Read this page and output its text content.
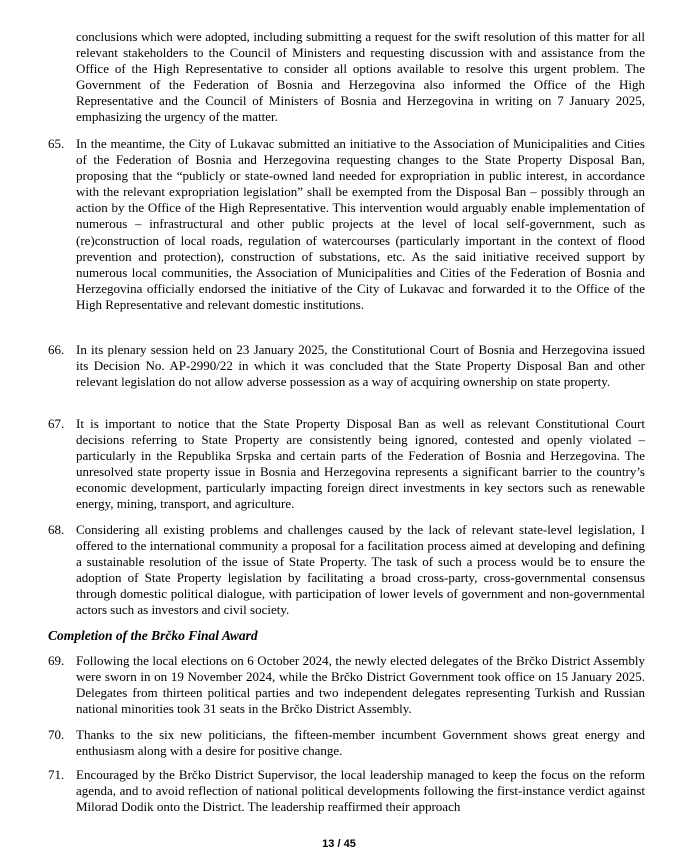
conclusions which were adopted, including submitting a request for the swift resolution of this matter for all relevant stakeholders to the Council of Ministers and requesting discussion with and assistance from the Office of the High Representative to consider all options available to resolve this urgent problem. The Government of the Federation of Bosnia and Herzegovina also informed the Office of the High Representative and the Council of Ministers of Bosnia and Herzegovina in writing on 7 January 2025, emphasizing the urgency of the matter.

65. In the meantime, the City of Lukavac submitted an initiative to the Association of Municipalities and Cities of the Federation of Bosnia and Herzegovina requesting changes to the State Property Disposal Ban, proposing that the “publicly or state-owned land needed for expropriation in public interest, in accordance with the relevant expropriation legislation” shall be exempted from the Disposal Ban – possibly through an action by the Office of the High Representative. This intervention would arguably enable implementation of numerous – infrastructural and other public projects at the level of local self-government, such as (re)construction of local roads, regulation of watercourses (particularly important in the context of flood prevention and protection), construction of substations, etc. As the said initiative received support by numerous local communities, the Association of Municipalities and Cities of the Federation of Bosnia and Herzegovina officially endorsed the initiative of the City of Lukavac and forwarded it to the Office of the High Representative and relevant domestic institutions.

66. In its plenary session held on 23 January 2025, the Constitutional Court of Bosnia and Herzegovina issued its Decision No. AP-2990/22 in which it was concluded that the State Property Disposal Ban and other relevant legislation do not allow adverse possession as a way of acquiring ownership on state property.

67. It is important to notice that the State Property Disposal Ban as well as relevant Constitutional Court decisions referring to State Property are consistently being ignored, contested and openly violated – particularly in the Republika Srpska and certain parts of the Federation of Bosnia and Herzegovina. The unresolved state property issue in Bosnia and Herzegovina represents a significant barrier to the country’s economic development, particularly impacting foreign direct investments in key sectors such as renewable energy, mining, transport, and agriculture.

68. Considering all existing problems and challenges caused by the lack of relevant state-level legislation, I offered to the international community a proposal for a facilitation process aimed at developing and defining a sustainable resolution of the issue of State Property. The task of such a process would be to ensure the adoption of State Property legislation by facilitating a broad cross-party, cross-governmental consensus through domestic political dialogue, with participation of lower levels of government and non-governmental actors such as investors and civil society.

Completion of the Brčko Final Award
69. Following the local elections on 6 October 2024, the newly elected delegates of the Brčko District Assembly were sworn in on 19 November 2024, while the Brčko District Government took office on 15 January 2025. Delegates from thirteen political parties and two independent delegates representing Turkish and Russian national minorities took 31 seats in the Brčko District Assembly.

70. Thanks to the six new politicians, the fifteen-member incumbent Government shows great energy and enthusiasm along with a desire for positive change.

71. Encouraged by the Brčko District Supervisor, the local leadership managed to keep the focus on the reform agenda, and to avoid reflection of national political developments following the first-instance verdict against Milorad Dodik onto the District. The leadership reaffirmed their approach

13 / 45
